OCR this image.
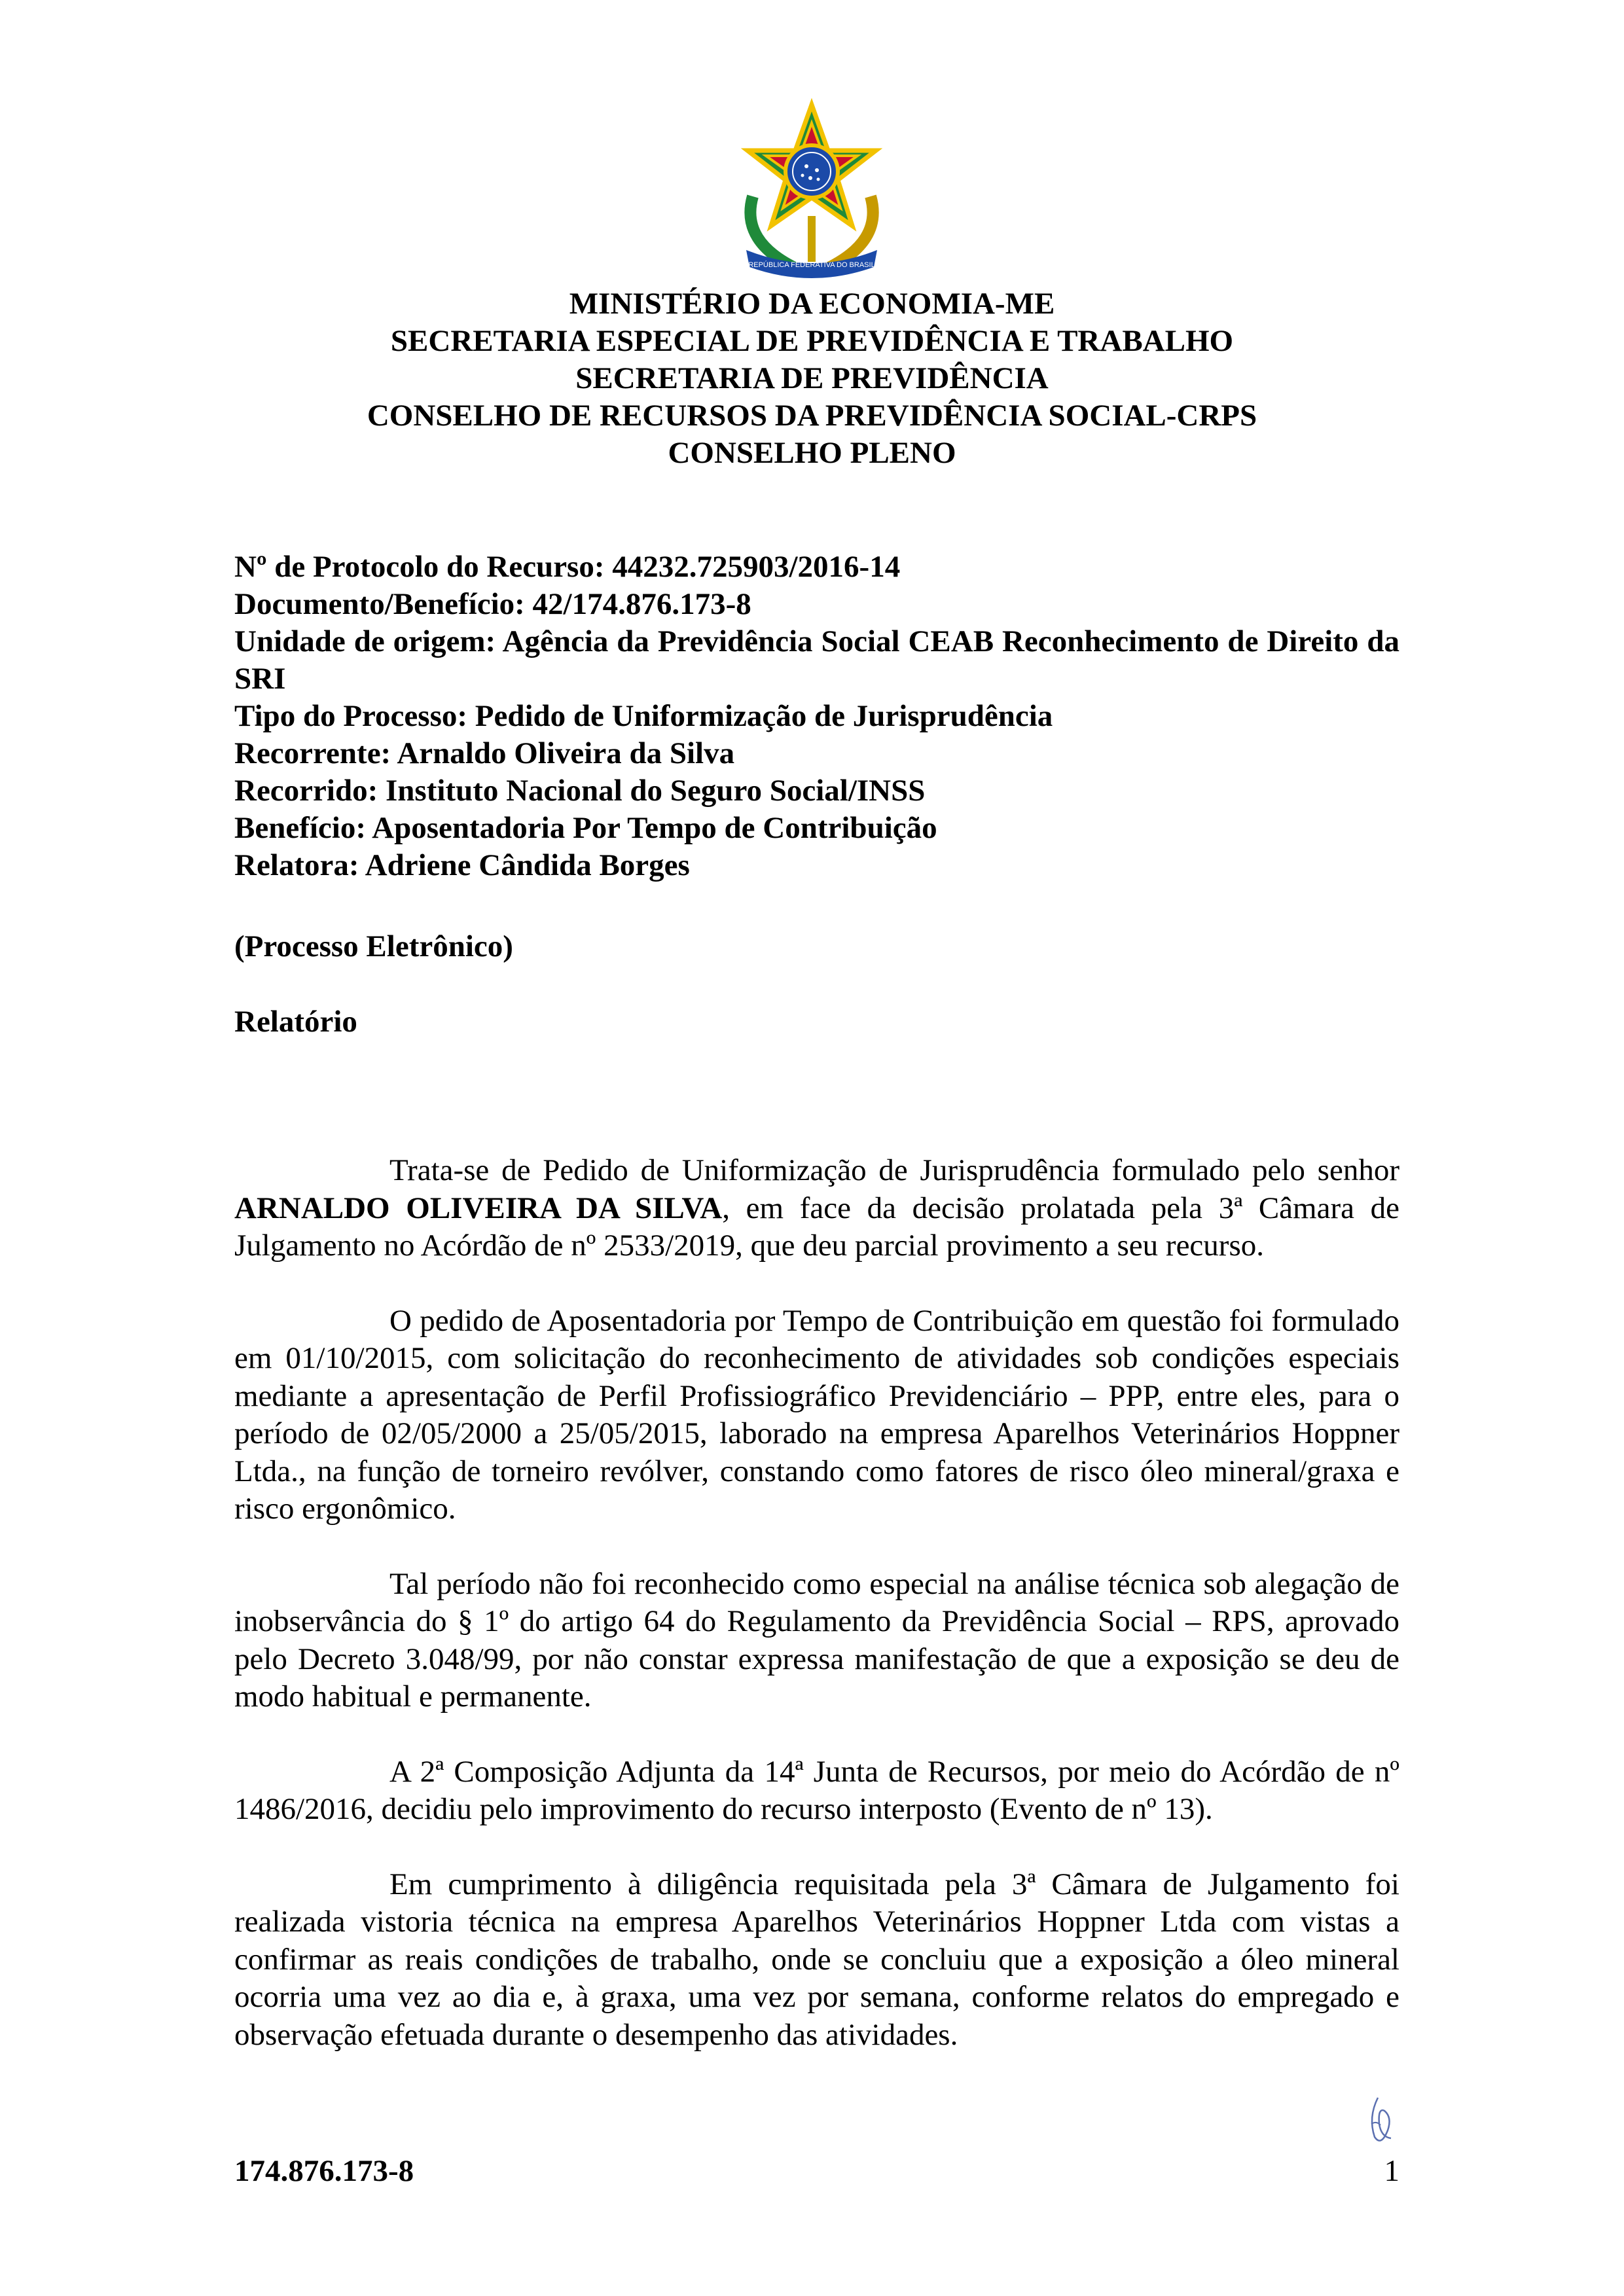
REPÚBLICA FEDERATIVA DO BRASIL
MINISTÉRIO DA ECONOMIA-ME
SECRETARIA ESPECIAL DE PREVIDÊNCIA E TRABALHO
SECRETARIA DE PREVIDÊNCIA
CONSELHO DE RECURSOS DA PREVIDÊNCIA SOCIAL-CRPS
CONSELHO PLENO
Nº de Protocolo do Recurso: 44232.725903/2016-14
Documento/Benefício: 42/174.876.173-8
Unidade de origem: Agência da Previdência Social CEAB Reconhecimento de Direito da SRI
Tipo do Processo: Pedido de Uniformização de Jurisprudência
Recorrente: Arnaldo Oliveira da Silva
Recorrido: Instituto Nacional do Seguro Social/INSS
Benefício: Aposentadoria Por Tempo de Contribuição
Relatora: Adriene Cândida Borges
(Processo Eletrônico)
Relatório

Trata-se de Pedido de Uniformização de Jurisprudência formulado pelo senhor ARNALDO OLIVEIRA DA SILVA, em face da decisão prolatada pela 3ª Câmara de Julgamento no Acórdão de nº 2533/2019, que deu parcial provimento a seu recurso.

O pedido de Aposentadoria por Tempo de Contribuição em questão foi formulado em 01/10/2015, com solicitação do reconhecimento de atividades sob condições especiais mediante a apresentação de Perfil Profissiográfico Previdenciário – PPP, entre eles, para o período de 02/05/2000 a 25/05/2015, laborado na empresa Aparelhos Veterinários Hoppner Ltda., na função de torneiro revólver, constando como fatores de risco óleo mineral/graxa e risco ergonômico.

Tal período não foi reconhecido como especial na análise técnica sob alegação de inobservância do § 1º do artigo 64 do Regulamento da Previdência Social – RPS, aprovado pelo Decreto 3.048/99, por não constar expressa manifestação de que a exposição se deu de modo habitual e permanente.

A 2ª Composição Adjunta da 14ª Junta de Recursos, por meio do Acórdão de nº 1486/2016, decidiu pelo improvimento do recurso interposto (Evento de nº 13).

Em cumprimento à diligência requisitada pela 3ª Câmara de Julgamento foi realizada vistoria técnica na empresa Aparelhos Veterinários Hoppner Ltda com vistas a confirmar as reais condições de trabalho, onde se concluiu que a exposição a óleo mineral ocorria uma vez ao dia e, à graxa, uma vez por semana, conforme relatos do empregado e observação efetuada durante o desempenho das atividades.

174.876.173-8	1
